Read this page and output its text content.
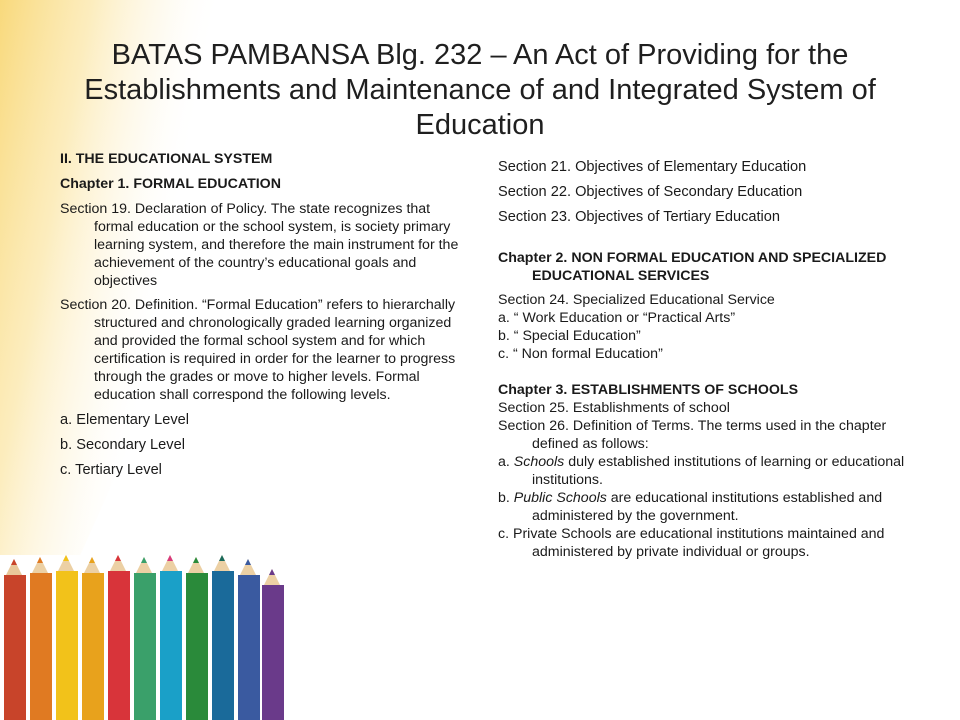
BATAS PAMBANSA Blg. 232 – An Act of Providing for the Establishments and Maintenance of and Integrated System of Education

II. THE EDUCATIONAL SYSTEM

Chapter 1. FORMAL EDUCATION

Section 19. Declaration of Policy. The state recognizes that formal education or the school system, is society primary learning system, and therefore the main instrument for the achievement of the country’s educational goals and objectives

Section 20. Definition. “Formal Education” refers to hierarchally structured and chronologically graded learning organized and provided the formal school system and for which certification is required in order for the learner to progress through the grades or move to higher levels. Formal education shall correspond the following levels.

a. Elementary Level

b. Secondary Level

c. Tertiary Level

Section 21. Objectives of Elementary Education

Section 22. Objectives of Secondary Education

Section 23. Objectives of Tertiary Education

Chapter 2. NON FORMAL EDUCATION AND SPECIALIZED EDUCATIONAL SERVICES

Section 24. Specialized Educational Service

a. “ Work Education or “Practical Arts”

b. “ Special Education”

c. “ Non formal Education”

Chapter 3. ESTABLISHMENTS OF SCHOOLS

Section 25. Establishments of school

Section 26. Definition of Terms. The terms used in the chapter defined as follows:

a. Schools duly established institutions of learning or educational institutions.

b. Public Schools are educational institutions established and administered by the government.

c. Private Schools are educational institutions maintained and administered by private individual or groups.
